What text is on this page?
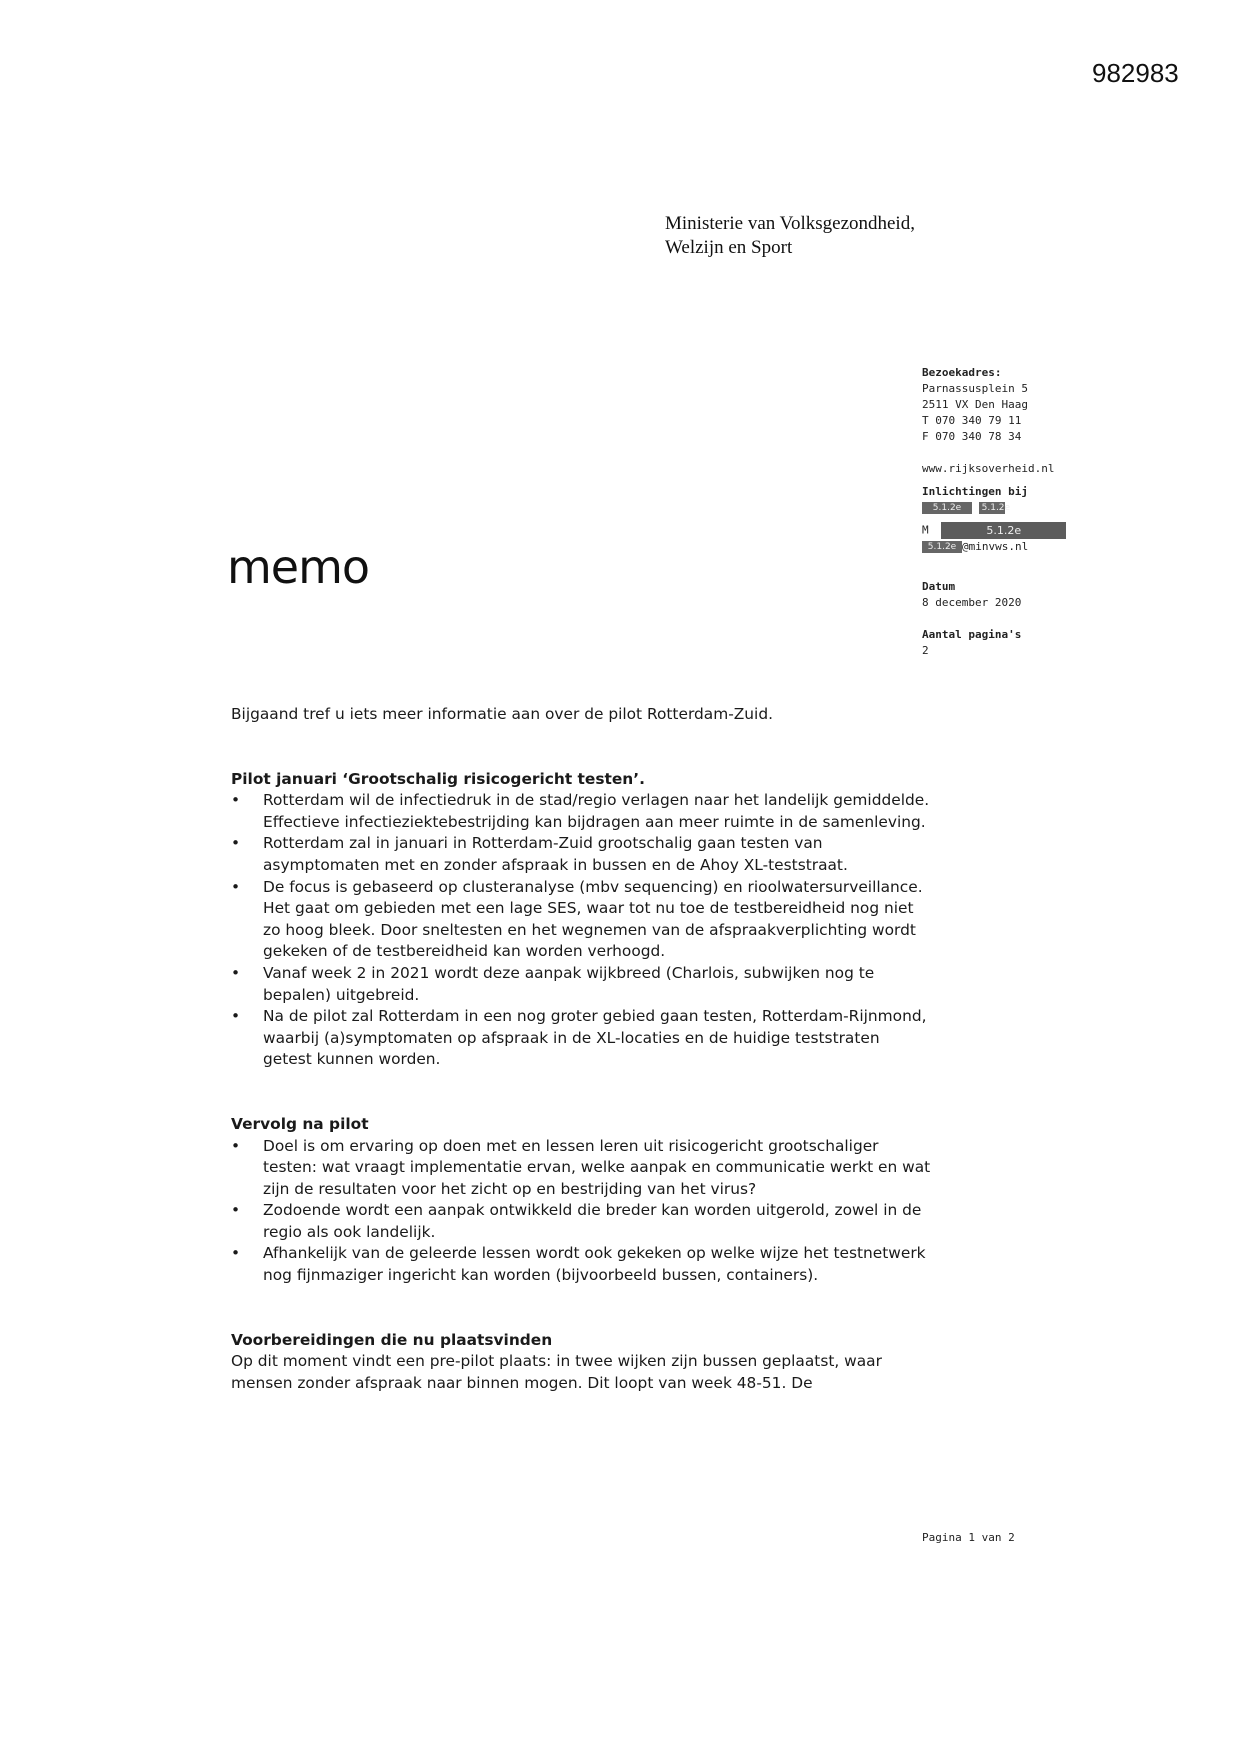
982983
Ministerie van Volksgezondheid,
Welzijn en Sport
Bezoekadres:
Parnassusplein 5
2511 VX Den Haag
T 070 340 79 11
F 070 340 78 34
www.rijksoverheid.nl
Inlichtingen bij
5.1.2e 5.1.2e
M	5.1.2e
5.1.2e @minvws.nl
Datum
8 december 2020
Aantal pagina's
2
memo

Bijgaand tref u iets meer informatie aan over de pilot Rotterdam-Zuid.

Pilot januari ‘Grootschalig risicogericht testen’.
• Rotterdam wil de infectiedruk in de stad/regio verlagen naar het landelijk gemiddelde. Effectieve infectieziektebestrijding kan bijdragen aan meer ruimte in de samenleving.
• Rotterdam zal in januari in Rotterdam-Zuid grootschalig gaan testen van asymptomaten met en zonder afspraak in bussen en de Ahoy XL-teststraat.
• De focus is gebaseerd op clusteranalyse (mbv sequencing) en rioolwatersurveillance. Het gaat om gebieden met een lage SES, waar tot nu toe de testbereidheid nog niet zo hoog bleek. Door sneltesten en het wegnemen van de afspraakverplichting wordt gekeken of de testbereidheid kan worden verhoogd.
• Vanaf week 2 in 2021 wordt deze aanpak wijkbreed (Charlois, subwijken nog te bepalen) uitgebreid.
• Na de pilot zal Rotterdam in een nog groter gebied gaan testen, Rotterdam-Rijnmond, waarbij (a)symptomaten op afspraak in de XL-locaties en de huidige teststraten getest kunnen worden.
Vervolg na pilot
• Doel is om ervaring op doen met en lessen leren uit risicogericht grootschaliger testen: wat vraagt implementatie ervan, welke aanpak en communicatie werkt en wat zijn de resultaten voor het zicht op en bestrijding van het virus?
• Zodoende wordt een aanpak ontwikkeld die breder kan worden uitgerold, zowel in de regio als ook landelijk.
• Afhankelijk van de geleerde lessen wordt ook gekeken op welke wijze het testnetwerk nog fijnmaziger ingericht kan worden (bijvoorbeeld bussen, containers).
Voorbereidingen die nu plaatsvinden

Op dit moment vindt een pre-pilot plaats: in twee wijken zijn bussen geplaatst, waar mensen zonder afspraak naar binnen mogen. Dit loopt van week 48-51. De

Pagina 1 van 2
